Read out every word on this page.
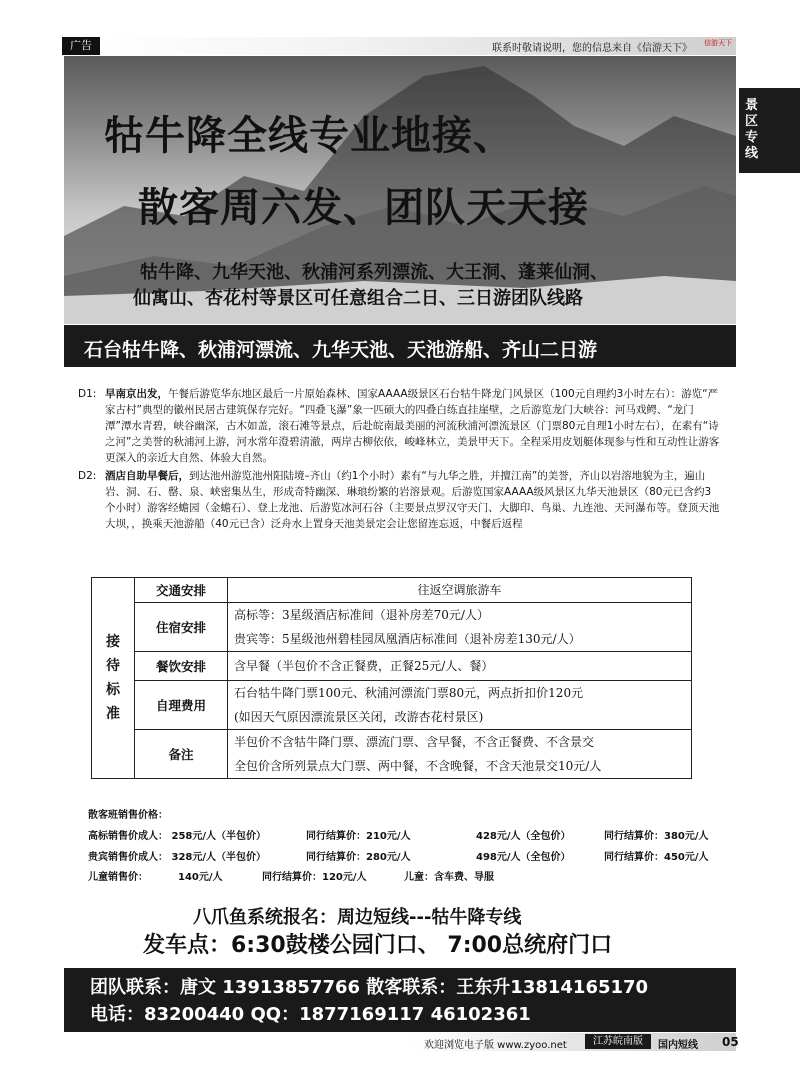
广告	联系时敬请说明，您的信息来自《信游天下》 信游天下
牯牛降全线专业地接、
散客周六发、团队天天接
牯牛降、九华天池、秋浦河系列漂流、大王洞、蓬莱仙洞、
仙寓山、杏花村等景区可任意组合二日、三日游团队线路
景区专线
石台牯牛降、秋浦河漂流、九华天池、天池游船、齐山二日游
D1: 早南京出发，午餐后游览华东地区最后一片原始森林、国家AAAA级景区石台牯牛降龙门风景区（100元自理约3小时左右）：游览“严家古村”典型的徽州民居古建筑保存完好。“四叠飞瀑”象一匹硕大的四叠白练直挂崖壁，之后游览龙门大峡谷：河马戏鳄、“龙门潭”潭水青碧，峡谷幽深，古木如盖，滚石滩等景点，后赴皖南最美丽的河流秋浦河漂流景区（门票80元自理1小时左右），在素有“诗之河”之美誉的秋浦河上游，河水常年澄碧清澈，两岸古柳依依，峻峰林立，美景甲天下。全程采用皮划艇体现参与性和互动性让游客更深入的亲近大自然、体验大自然。
D2: 酒店自助早餐后，到达池州游览池州阳陆境–齐山（约1个小时）素有“与九华之胜，并擅江南”的美誉，齐山以岩溶地貌为主，遍山岩、洞、石、罄、泉、峡密集丛生，形成奇特幽深、琳琅纷繁的岩溶景观。后游览国家AAAA级风景区九华天池景区（80元已含约3个小时）游客经蟾园（金蟾石）、登上龙池、后游览冰河石谷（主要景点罗汉守天门、大脚印、鸟巢、九连池、天河瀑布等。登顶天池大坝，，换乘天池游船（40元已含）泛舟水上置身天池美景定会让您留连忘返，中餐后返程
接待标准	交通安排	往返空调旅游车

	住宿安排	高标等：3星级酒店标准间（退补房差70元/人）
贵宾等：5星级池州碧桂园凤凰酒店标准间（退补房差130元/人）

	餐饮安排	含早餐（半包价不含正餐费，正餐25元/人、餐）

	自理费用	石台牯牛降门票100元、秋浦河漂流门票80元，两点折扣价120元
(如因天气原因漂流景区关闭，改游杏花村景区)

	备注	半包价不含牯牛降门票、漂流门票、含早餐，不含正餐费、不含景交
全包价含所列景点大门票、两中餐，不含晚餐，不含天池景交10元/人
散客班销售价格：
高标销售价成人： 258元/人（半包价）	同行结算价：210元/人	428元/人（全包价）	同行结算价：380元/人
贵宾销售价成人： 328元/人（半包价）	同行结算价：280元/人	498元/人（全包价）	同行结算价：450元/人
儿童销售价：	140元/人	同行结算价：120元/人	儿童：含车费、导服
八爪鱼系统报名：周边短线---牯牛降专线
发车点：6:30鼓楼公园门口、 7:00总统府门口
团队联系：唐文 13913857766 散客联系：王东升13814165170
电话：83200440 QQ：1877169117 46102361
欢迎浏览电子版 www.zyoo.net	江苏皖南版	国内短线 05
